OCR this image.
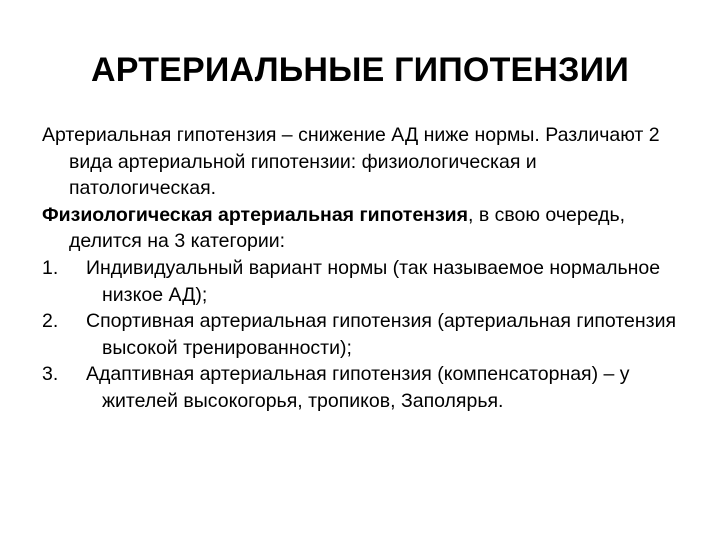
АРТЕРИАЛЬНЫЕ ГИПОТЕНЗИИ

Артериальная гипотензия – снижение АД ниже нормы. Различают 2 вида артериальной гипотензии: физиологическая и патологическая.

Физиологическая артериальная гипотензия, в свою очередь, делится на 3 категории:

1.	Индивидуальный вариант нормы (так называемое нормальное низкое АД);
2.	Спортивная артериальная гипотензия (артериальная гипотензия высокой тренированности);
3.	Адаптивная артериальная гипотензия (компенсаторная) – у жителей высокогорья, тропиков, Заполярья.
